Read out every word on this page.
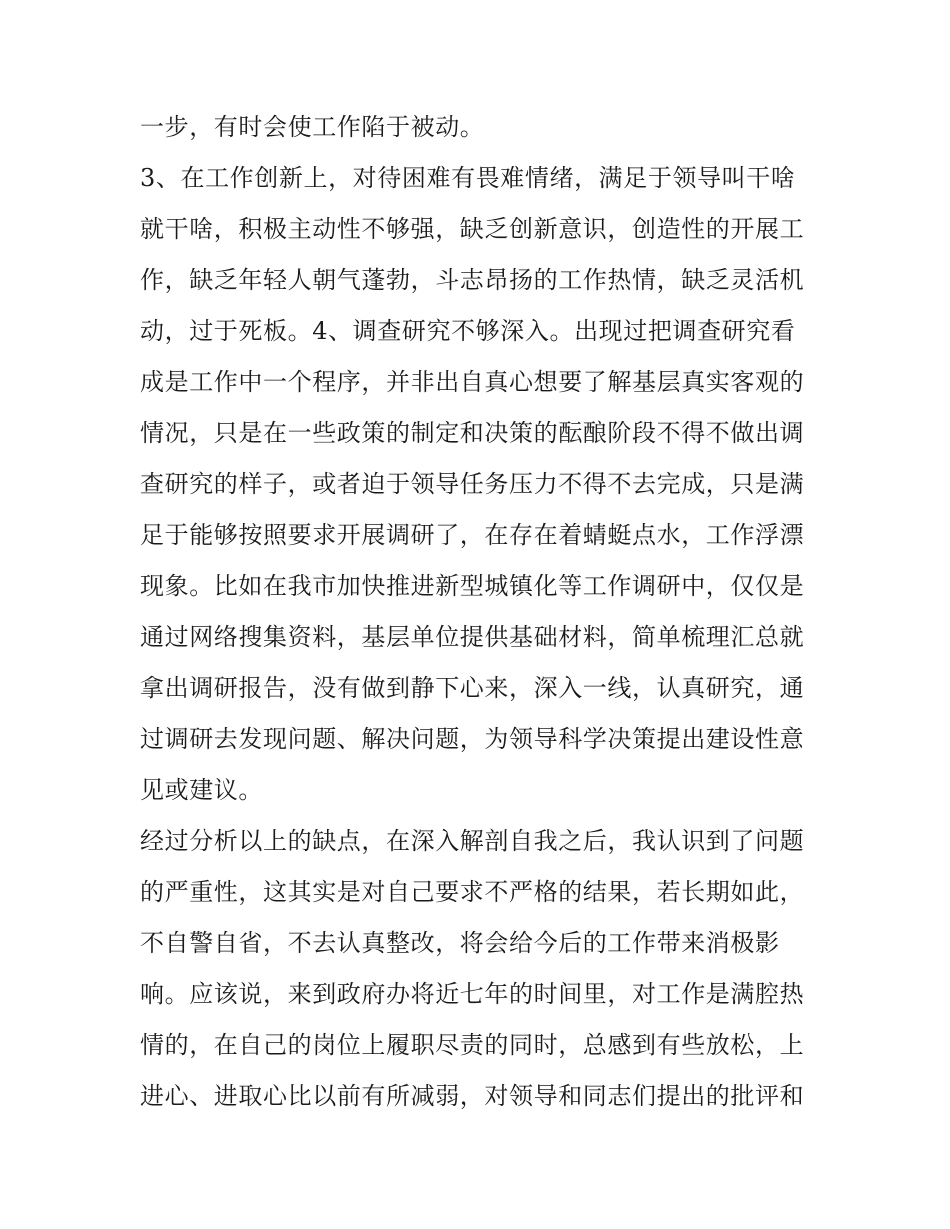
一步，有时会使工作陷于被动。
3、在工作创新上，对待困难有畏难情绪，满足于领导叫干啥
就干啥，积极主动性不够强，缺乏创新意识，创造性的开展工
作，缺乏年轻人朝气蓬勃，斗志昂扬的工作热情，缺乏灵活机
动，过于死板。4、调查研究不够深入。出现过把调查研究看
成是工作中一个程序，并非出自真心想要了解基层真实客观的
情况，只是在一些政策的制定和决策的酝酿阶段不得不做出调
查研究的样子，或者迫于领导任务压力不得不去完成，只是满
足于能够按照要求开展调研了，在存在着蜻蜓点水，工作浮漂
现象。比如在我市加快推进新型城镇化等工作调研中，仅仅是
通过网络搜集资料，基层单位提供基础材料，简单梳理汇总就
拿出调研报告，没有做到静下心来，深入一线，认真研究，通
过调研去发现问题、解决问题，为领导科学决策提出建设性意
见或建议。
经过分析以上的缺点，在深入解剖自我之后，我认识到了问题
的严重性，这其实是对自己要求不严格的结果，若长期如此，
不自警自省，不去认真整改，将会给今后的工作带来消极影
响。应该说，来到政府办将近七年的时间里，对工作是满腔热
情的，在自己的岗位上履职尽责的同时，总感到有些放松，上
进心、进取心比以前有所减弱，对领导和同志们提出的批评和
